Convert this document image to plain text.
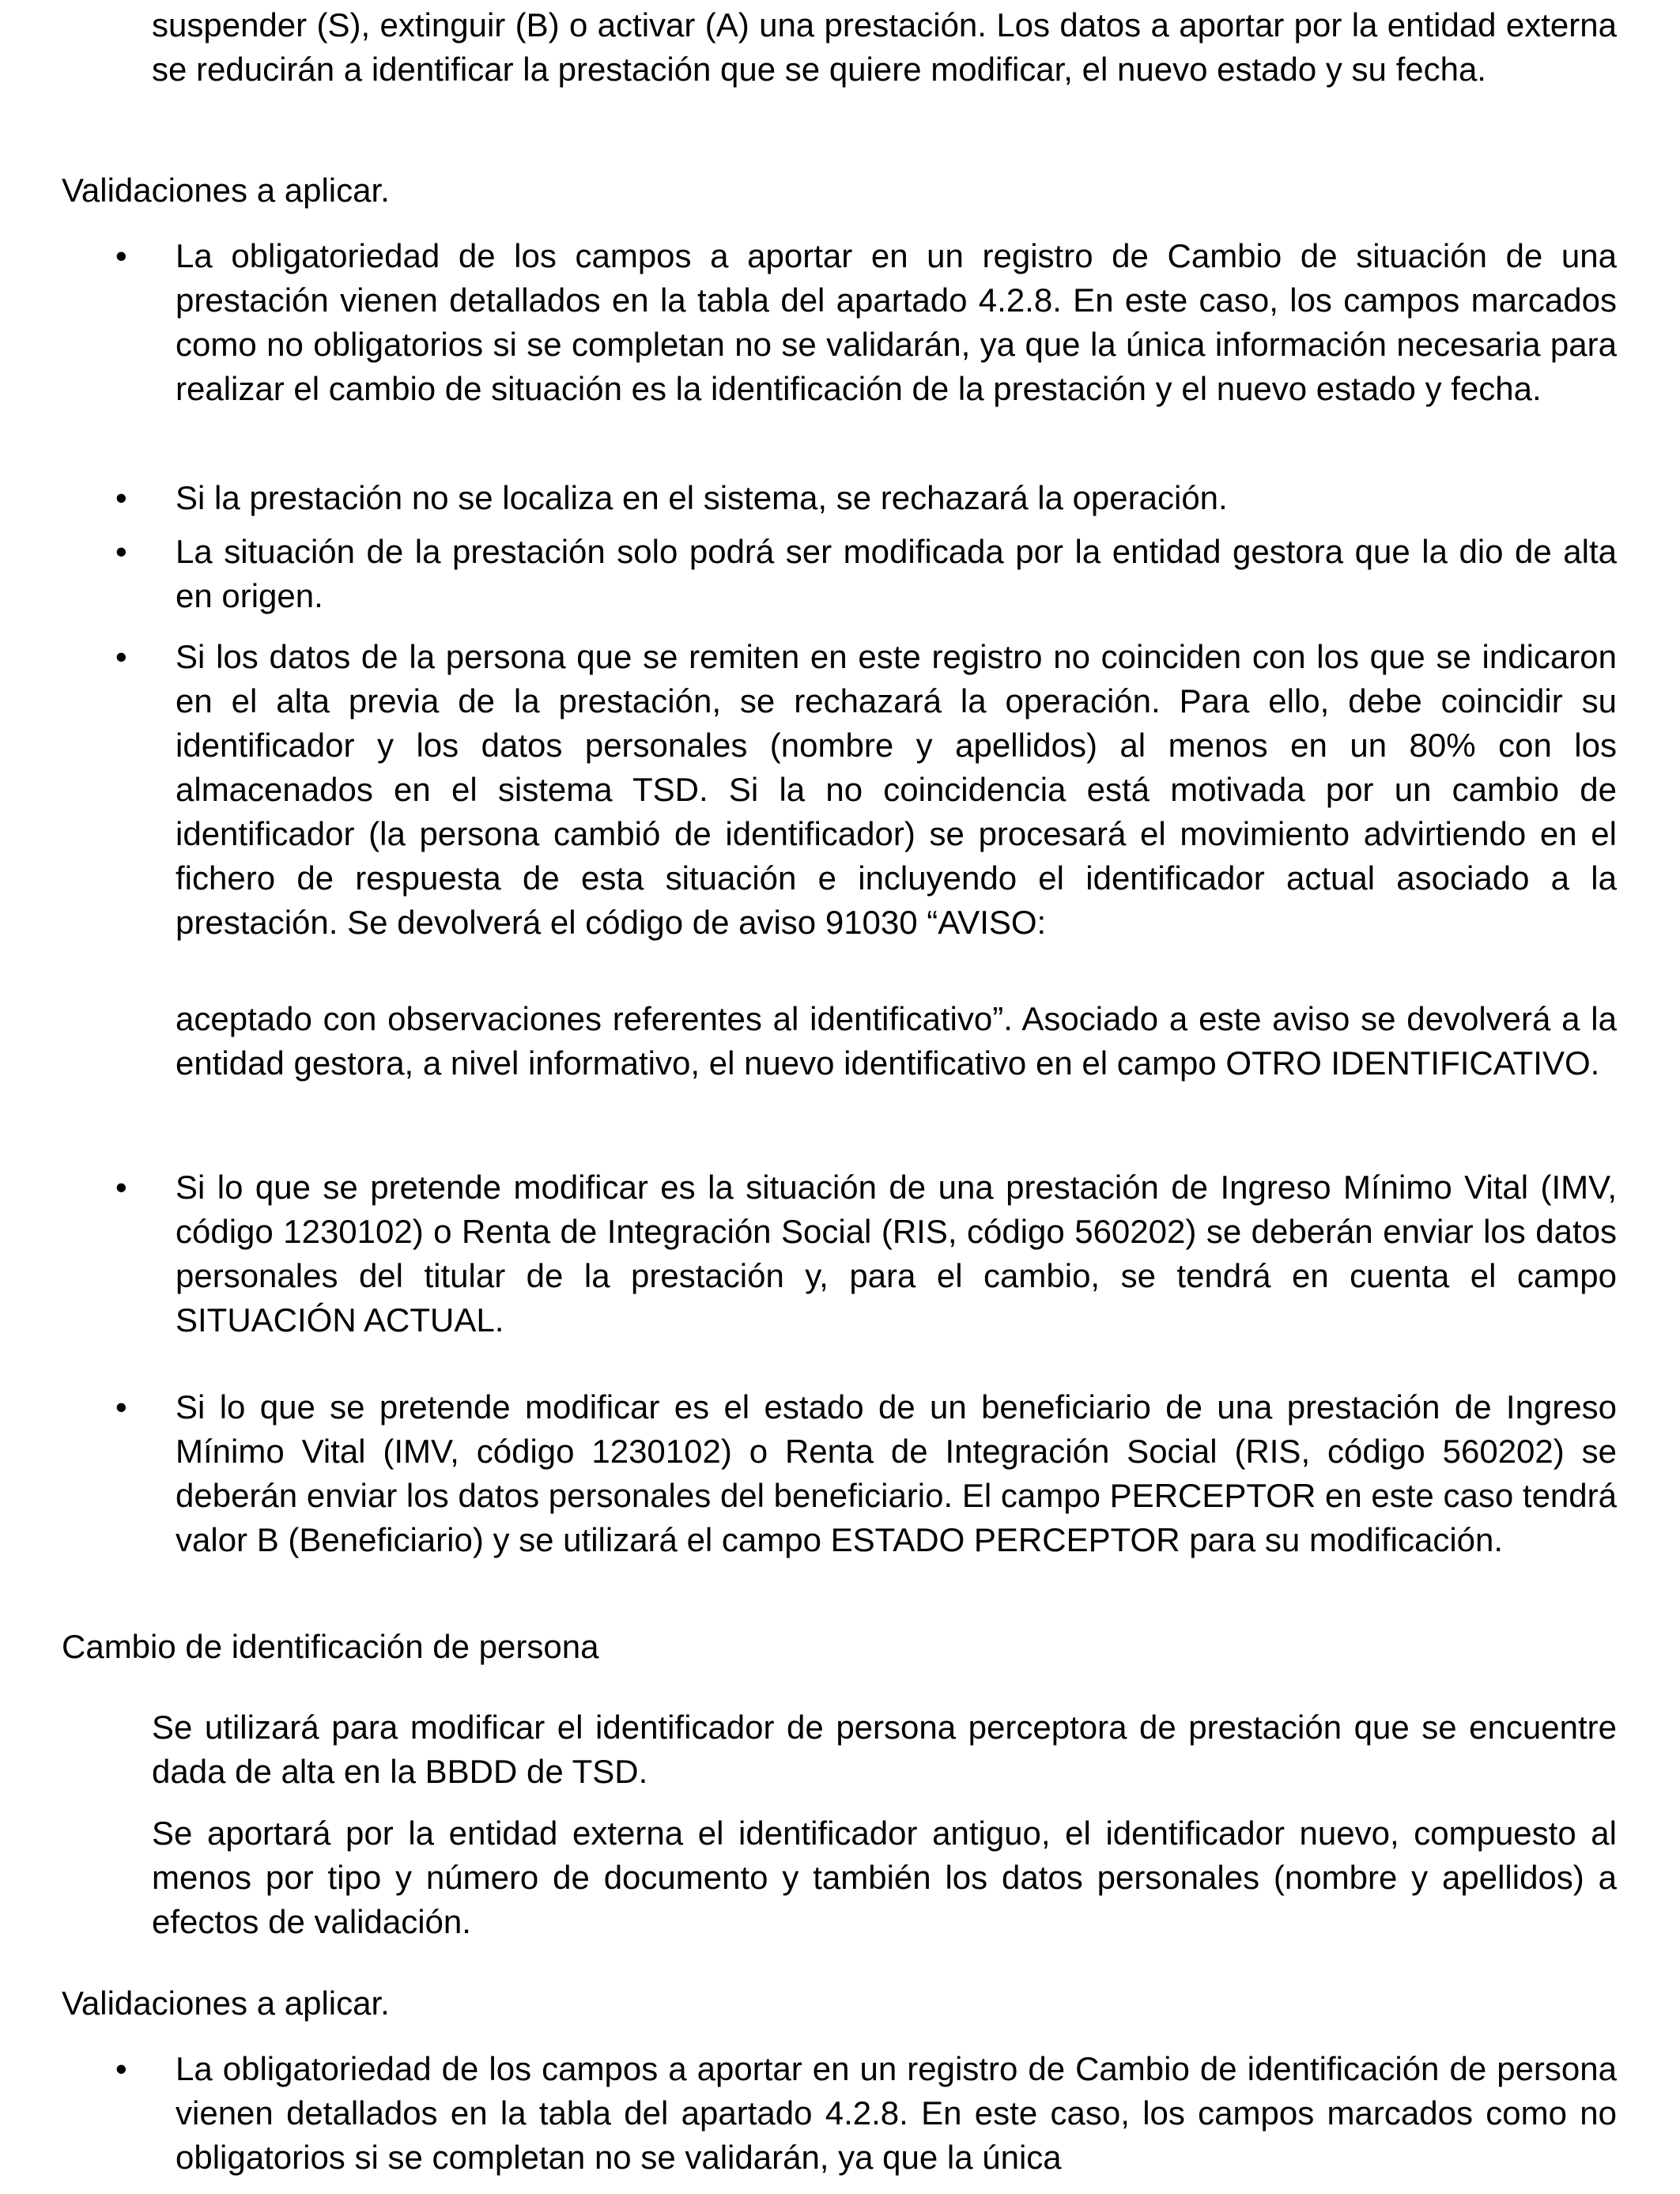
suspender (S), extinguir (B) o activar (A) una prestación. Los datos a aportar por la entidad externa se reducirán a identificar la prestación que se quiere modificar, el nuevo estado y su fecha.

Validaciones a aplicar.

• La obligatoriedad de los campos a aportar en un registro de Cambio de situación de una prestación vienen detallados en la tabla del apartado 4.2.8. En este caso, los campos marcados como no obligatorios si se completan no se validarán, ya que la única información necesaria para realizar el cambio de situación es la identificación de la prestación y el nuevo estado y fecha.

• Si la prestación no se localiza en el sistema, se rechazará la operación.

• La situación de la prestación solo podrá ser modificada por la entidad gestora que la dio de alta en origen.

• Si los datos de la persona que se remiten en este registro no coinciden con los que se indicaron en el alta previa de la prestación, se rechazará la operación. Para ello, debe coincidir su identificador y los datos personales (nombre y apellidos) al menos en un 80% con los almacenados en el sistema TSD. Si la no coincidencia está motivada por un cambio de identificador (la persona cambió de identificador) se procesará el movimiento advirtiendo en el fichero de respuesta de esta situación e incluyendo el identificador actual asociado a la prestación. Se devolverá el código de aviso 91030 “AVISO:

aceptado con observaciones referentes al identificativo”. Asociado a este aviso se devolverá a la entidad gestora, a nivel informativo, el nuevo identificativo en el campo OTRO IDENTIFICATIVO.

• Si lo que se pretende modificar es la situación de una prestación de Ingreso Mínimo Vital (IMV, código 1230102) o Renta de Integración Social (RIS, código 560202) se deberán enviar los datos personales del titular de la prestación y, para el cambio, se tendrá en cuenta el campo SITUACIÓN ACTUAL.

• Si lo que se pretende modificar es el estado de un beneficiario de una prestación de Ingreso Mínimo Vital (IMV, código 1230102) o Renta de Integración Social (RIS, código 560202) se deberán enviar los datos personales del beneficiario. El campo PERCEPTOR en este caso tendrá valor B (Beneficiario) y se utilizará el campo ESTADO PERCEPTOR para su modificación.

Cambio de identificación de persona

Se utilizará para modificar el identificador de persona perceptora de prestación que se encuentre dada de alta en la BBDD de TSD.

Se aportará por la entidad externa el identificador antiguo, el identificador nuevo, compuesto al menos por tipo y número de documento y también los datos personales (nombre y apellidos) a efectos de validación.

Validaciones a aplicar.

• La obligatoriedad de los campos a aportar en un registro de Cambio de identificación de persona vienen detallados en la tabla del apartado 4.2.8. En este caso, los campos marcados como no obligatorios si se completan no se validarán, ya que la única
